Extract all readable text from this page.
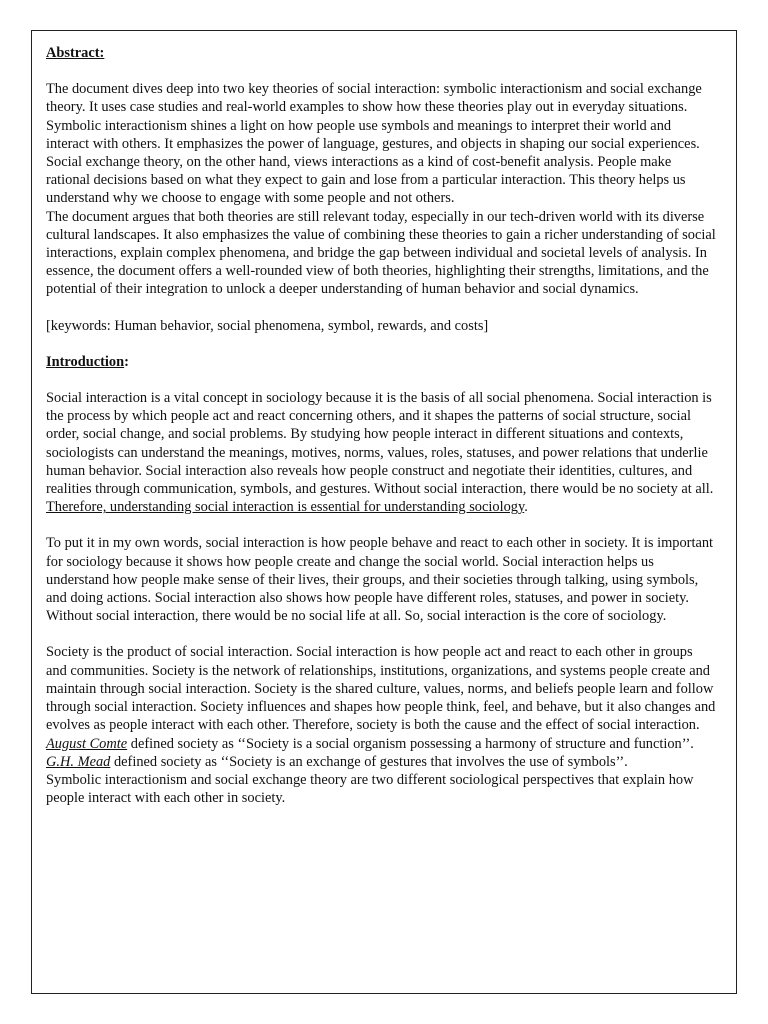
Abstract:

The document dives deep into two key theories of social interaction: symbolic interactionism and social exchange theory. It uses case studies and real-world examples to show how these theories play out in everyday situations. Symbolic interactionism shines a light on how people use symbols and meanings to interpret their world and interact with others. It emphasizes the power of language, gestures, and objects in shaping our social experiences. Social exchange theory, on the other hand, views interactions as a kind of cost-benefit analysis. People make rational decisions based on what they expect to gain and lose from a particular interaction. This theory helps us understand why we choose to engage with some people and not others.

The document argues that both theories are still relevant today, especially in our tech-driven world with its diverse cultural landscapes. It also emphasizes the value of combining these theories to gain a richer understanding of social interactions, explain complex phenomena, and bridge the gap between individual and societal levels of analysis. In essence, the document offers a well-rounded view of both theories, highlighting their strengths, limitations, and the potential of their integration to unlock a deeper understanding of human behavior and social dynamics.

[keywords: Human behavior, social phenomena, symbol, rewards, and costs]

Introduction:

Social interaction is a vital concept in sociology because it is the basis of all social phenomena. Social interaction is the process by which people act and react concerning others, and it shapes the patterns of social structure, social order, social change, and social problems. By studying how people interact in different situations and contexts, sociologists can understand the meanings, motives, norms, values, roles, statuses, and power relations that underlie human behavior. Social interaction also reveals how people construct and negotiate their identities, cultures, and realities through communication, symbols, and gestures. Without social interaction, there would be no society at all. Therefore, understanding social interaction is essential for understanding sociology.

To put it in my own words, social interaction is how people behave and react to each other in society. It is important for sociology because it shows how people create and change the social world. Social interaction helps us understand how people make sense of their lives, their groups, and their societies through talking, using symbols, and doing actions. Social interaction also shows how people have different roles, statuses, and power in society. Without social interaction, there would be no social life at all. So, social interaction is the core of sociology.

Society is the product of social interaction. Social interaction is how people act and react to each other in groups and communities. Society is the network of relationships, institutions, organizations, and systems people create and maintain through social interaction. Society is the shared culture, values, norms, and beliefs people learn and follow through social interaction. Society influences and shapes how people think, feel, and behave, but it also changes and evolves as people interact with each other. Therefore, society is both the cause and the effect of social interaction.

August Comte defined society as ‘‘Society is a social organism possessing a harmony of structure and function’’.

G.H. Mead defined society as ‘‘Society is an exchange of gestures that involves the use of symbols’’.

Symbolic interactionism and social exchange theory are two different sociological perspectives that explain how people interact with each other in society.
